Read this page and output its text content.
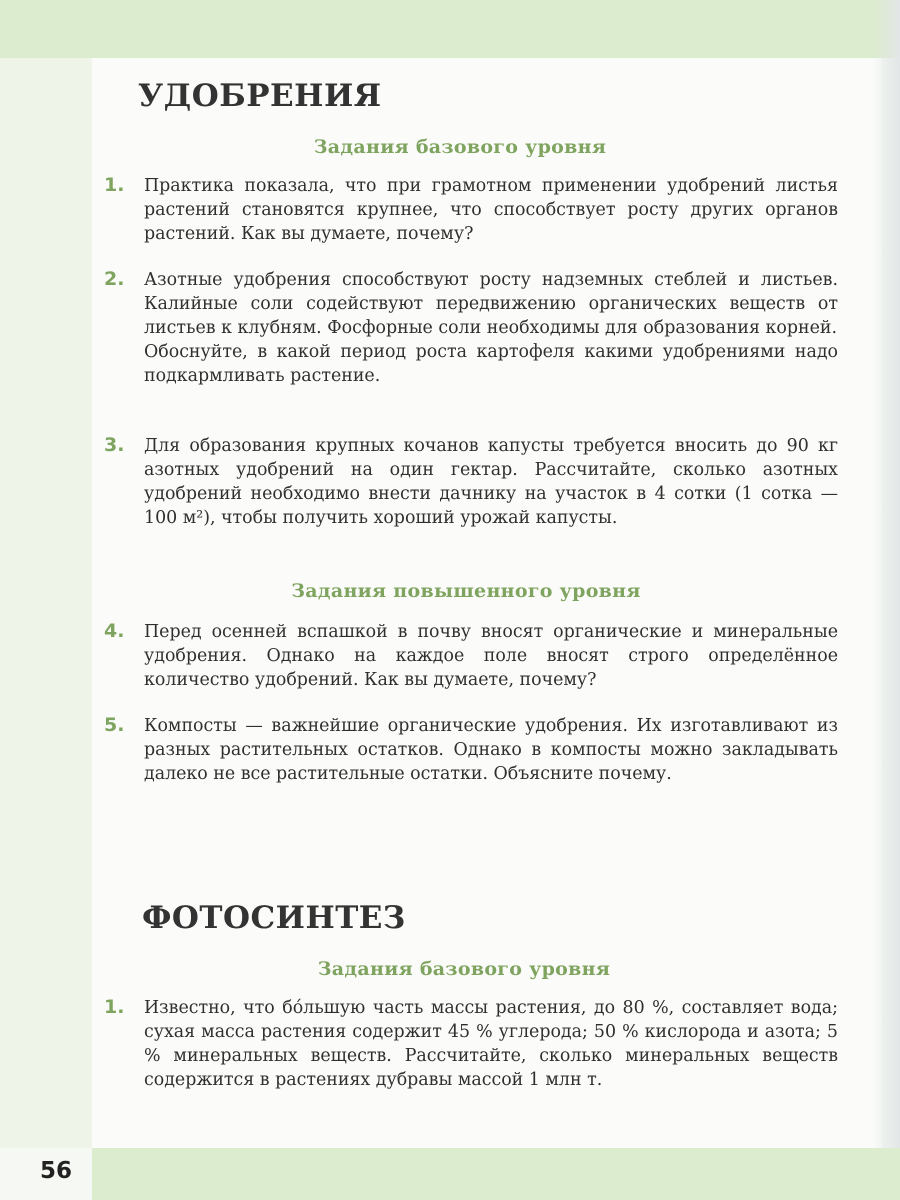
56
УДОБРЕНИЯ
Задания базового уровня
1.	Практика показала, что при грамотном применении удобрений листья растений становятся крупнее, что способствует росту других органов растений. Как вы думаете, почему?
2.	Азотные удобрения способствуют росту надземных стеблей и листьев. Калийные соли содействуют передвижению органических веществ от листьев к клубням. Фосфорные соли необходимы для образования корней.
Обоснуйте, в какой период роста картофеля какими удобрениями надо подкармливать растение.
3.	Для образования крупных кочанов капусты требуется вносить до 90 кг азотных удобрений на один гектар. Рассчитайте, сколько азотных удобрений необходимо внести дачнику на участок в 4 сотки (1 сотка — 100 м²), чтобы получить хороший урожай капусты.
Задания повышенного уровня
4.	Перед осенней вспашкой в почву вносят органические и минеральные удобрения. Однако на каждое поле вносят строго определённое количество удобрений. Как вы думаете, почему?
5.	Компосты — важнейшие органические удобрения. Их изготавливают из разных растительных остатков. Однако в компосты можно закладывать далеко не все растительные остатки. Объясните почему.
ФОТОСИНТЕЗ
Задания базового уровня
1.	Известно, что бóльшую часть массы растения, до 80 %, составляет вода; сухая масса растения содержит 45 % углерода; 50 % кислорода и азота; 5 % минеральных веществ. Рассчитайте, сколько минеральных веществ содержится в растениях дубравы массой 1 млн т.
